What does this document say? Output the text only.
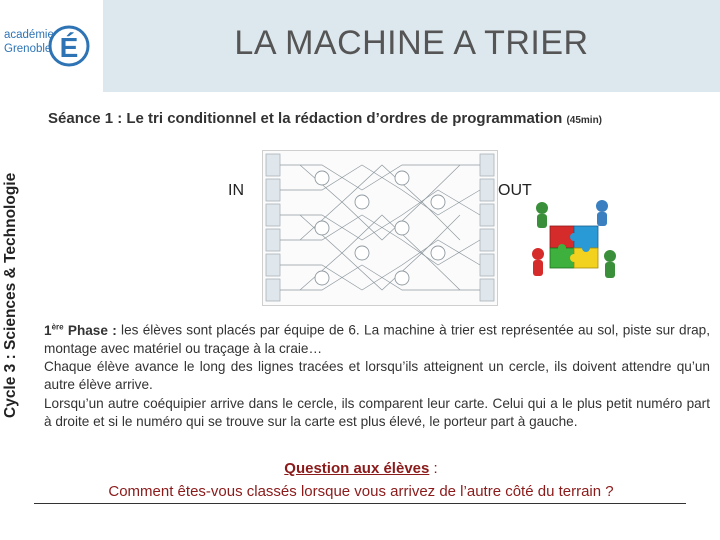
académie
Grenoble É	LA MACHINE A TRIER
Cycle 3 : Sciences & Technologie
Séance 1 : Le tri conditionnel et la rédaction d’ordres de programmation (45min)
IN	OUT

1ère Phase : les élèves sont placés par équipe de 6. La machine à trier est représentée au sol, piste sur drap, montage avec matériel ou traçage à la craie…

Chaque élève avance le long des lignes tracées et lorsqu’ils atteignent un cercle, ils doivent attendre qu’un autre élève arrive.

Lorsqu’un autre coéquipier arrive dans le cercle, ils comparent leur carte. Celui qui a le plus petit numéro part à droite et si le numéro qui se trouve sur la carte est plus élevé, le porteur part à gauche.

Question aux élèves :
Comment êtes-vous classés lorsque vous arrivez de l’autre côté du terrain ?
